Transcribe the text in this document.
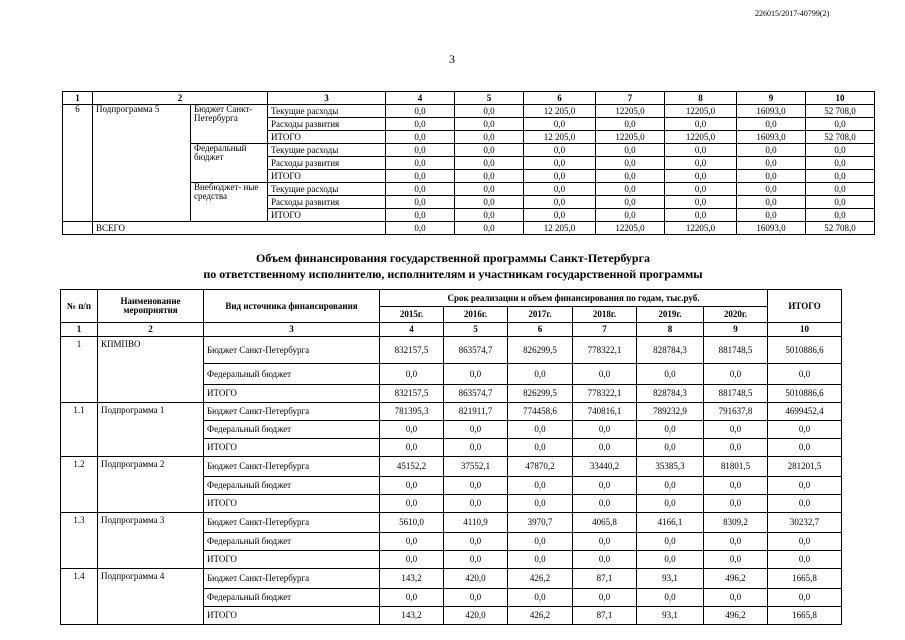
226015/2017-40799(2)
3
1	2		3	4	5	6	7	8	9	10
6	Подпрограмма 5	Бюджет Санкт-Петербурга	Текущие расходы	0,0	0,0	12 205,0	12205,0	12205,0	16093,0	52 708,0
			Расходы развития	0,0	0,0	0,0	0,0	0,0	0,0	0,0
			ИТОГО	0,0	0,0	12 205,0	12205,0	12205,0	16093,0	52 708,0
		Федеральный бюджет	Текущие расходы	0,0	0,0	0,0	0,0	0,0	0,0	0,0
			Расходы развития	0,0	0,0	0,0	0,0	0,0	0,0	0,0
			ИТОГО	0,0	0,0	0,0	0,0	0,0	0,0	0,0
		Внебюджет- ные средства	Текущие расходы	0,0	0,0	0,0	0,0	0,0	0,0	0,0
			Расходы развития	0,0	0,0	0,0	0,0	0,0	0,0	0,0
			ИТОГО	0,0	0,0	0,0	0,0	0,0	0,0	0,0
	ВСЕГО			0,0	0,0	12 205,0	12205,0	12205,0	16093,0	52 708,0
Объем финансирования государственной программы Санкт-Петербурга
по ответственному исполнителю, исполнителям и участникам государственной программы
№ п/п	Наименование мероприятия	Вид источника финансирования	Срок реализации и объем финансирования по годам, тыс.руб.						ИТОГО
			2015г.	2016г.	2017г.	2018г.	2019г.	2020г.	
1	2	3	4	5	6	7	8	9	10
1	КПМПВО	Бюджет Санкт-Петербурга	832157,5	863574,7	826299,5	778322,1	828784,3	881748,5	5010886,6
		Федеральный бюджет	0,0	0,0	0,0	0,0	0,0	0,0	0,0
		ИТОГО	832157,5	863574,7	826299,5	778322,1	828784,3	881748,5	5010886,6
1.1	Подпрограмма 1	Бюджет Санкт-Петербурга	781395,3	821911,7	774458,6	740816,1	789232,9	791637,8	4699452,4
		Федеральный бюджет	0,0	0,0	0,0	0,0	0,0	0,0	0,0
		ИТОГО	0,0	0,0	0,0	0,0	0,0	0,0	0,0
1.2	Подпрограмма 2	Бюджет Санкт-Петербурга	45152,2	37552,1	47870,2	33440,2	35385,3	81801,5	281201,5
		Федеральный бюджет	0,0	0,0	0,0	0,0	0,0	0,0	0,0
		ИТОГО	0,0	0,0	0,0	0,0	0,0	0,0	0,0
1.3	Подпрограмма 3	Бюджет Санкт-Петербурга	5610,0	4110,9	3970,7	4065,8	4166,1	8309,2	30232,7
		Федеральный бюджет	0,0	0,0	0,0	0,0	0,0	0,0	0,0
		ИТОГО	0,0	0,0	0,0	0,0	0,0	0,0	0,0
1.4	Подпрограмма 4	Бюджет Санкт-Петербурга	143,2	420,0	426,2	87,1	93,1	496,2	1665,8
		Федеральный бюджет	0,0	0,0	0,0	0,0	0,0	0,0	0,0
		ИТОГО	143,2	420,0	426,2	87,1	93,1	496,2	1665,8
